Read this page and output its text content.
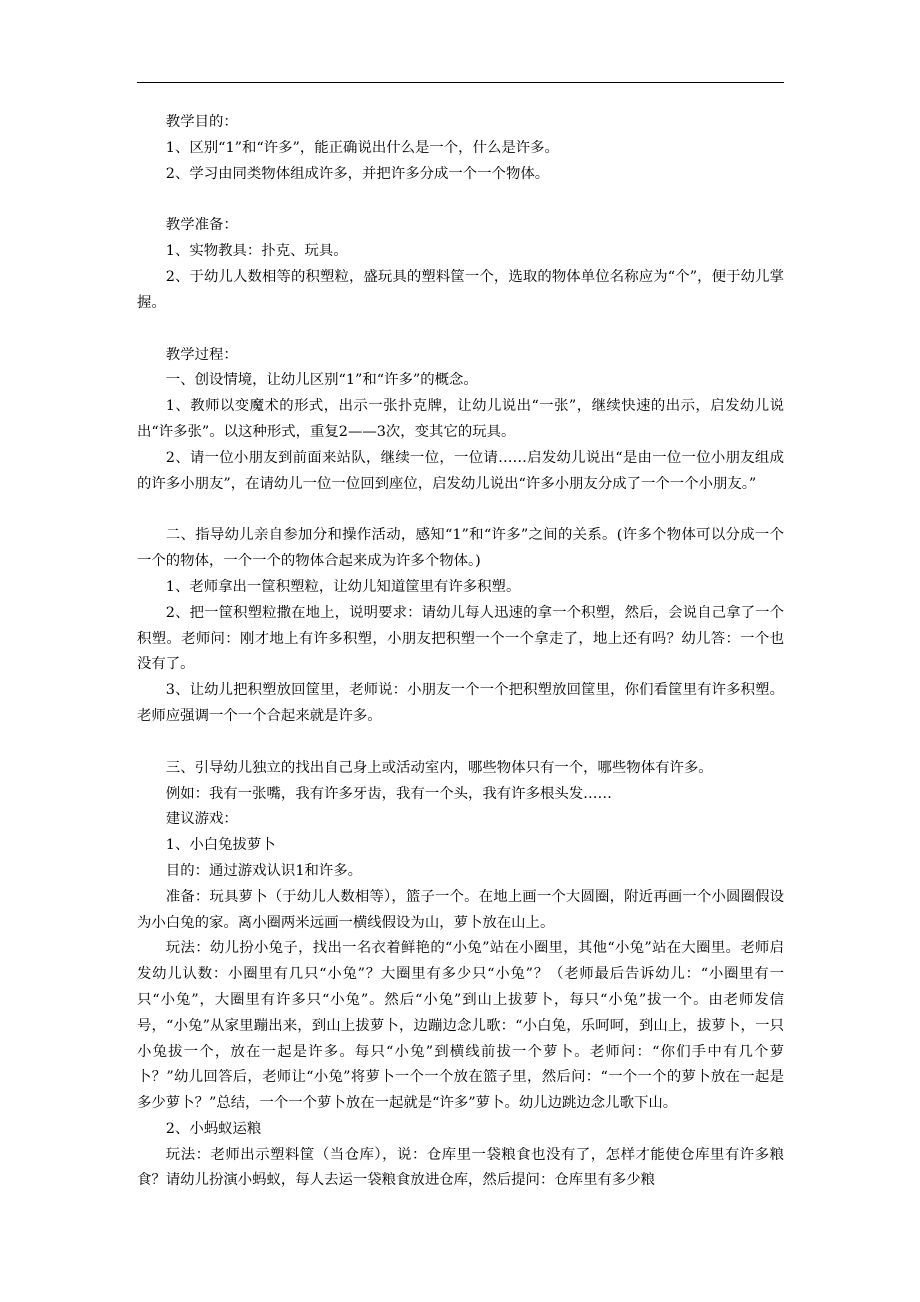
教学目的：

1、区别“1”和“许多”，能正确说出什么是一个，什么是许多。

2、学习由同类物体组成许多，并把许多分成一个一个物体。

教学准备：

1、实物教具：扑克、玩具。

2、于幼儿人数相等的积塑粒，盛玩具的塑料筐一个，选取的物体单位名称应为“个”，便于幼儿掌握。

教学过程：

一、创设情境，让幼儿区别“1”和“许多”的概念。

1、教师以变魔术的形式，出示一张扑克牌，让幼儿说出“一张”，继续快速的出示，启发幼儿说出“许多张”。以这种形式，重复2——3次，变其它的玩具。

2、请一位小朋友到前面来站队，继续一位，一位请……启发幼儿说出“是由一位一位小朋友组成的许多小朋友”，在请幼儿一位一位回到座位，启发幼儿说出“许多小朋友分成了一个一个小朋友。”

二、指导幼儿亲自参加分和操作活动，感知“1”和“许多”之间的关系。(许多个物体可以分成一个一个的物体，一个一个的物体合起来成为许多个物体。)

1、老师拿出一筐积塑粒，让幼儿知道筐里有许多积塑。

2、把一筐积塑粒撒在地上，说明要求：请幼儿每人迅速的拿一个积塑，然后，会说自己拿了一个积塑。老师问：刚才地上有许多积塑，小朋友把积塑一个一个拿走了，地上还有吗？幼儿答：一个也没有了。

3、让幼儿把积塑放回筐里，老师说：小朋友一个一个把积塑放回筐里，你们看筐里有许多积塑。老师应强调一个一个合起来就是许多。

三、引导幼儿独立的找出自己身上或活动室内，哪些物体只有一个，哪些物体有许多。

例如：我有一张嘴，我有许多牙齿，我有一个头，我有许多根头发……

建议游戏：

1、小白兔拔萝卜

目的：通过游戏认识1和许多。

准备：玩具萝卜（于幼儿人数相等），篮子一个。在地上画一个大圆圈，附近再画一个小圆圈假设为小白兔的家。离小圈两米远画一横线假设为山，萝卜放在山上。

玩法：幼儿扮小兔子，找出一名衣着鲜艳的“小兔”站在小圈里，其他“小兔”站在大圈里。老师启发幼儿认数：小圈里有几只“小兔”？大圈里有多少只“小兔”？（老师最后告诉幼儿：“小圈里有一只“小兔”，大圈里有许多只“小兔”。然后“小兔”到山上拔萝卜，每只“小兔”拔一个。由老师发信号，“小兔”从家里蹦出来，到山上拔萝卜，边蹦边念儿歌：“小白兔，乐呵呵，到山上，拔萝卜，一只小兔拔一个，放在一起是许多。每只“小兔”到横线前拔一个萝卜。老师问：“你们手中有几个萝卜？”幼儿回答后，老师让“小兔”将萝卜一个一个放在篮子里，然后问：“一个一个的萝卜放在一起是多少萝卜？”总结，一个一个萝卜放在一起就是“许多”萝卜。幼儿边跳边念儿歌下山。

2、小蚂蚁运粮

玩法：老师出示塑料筐（当仓库），说：仓库里一袋粮食也没有了，怎样才能使仓库里有许多粮食？请幼儿扮演小蚂蚁，每人去运一袋粮食放进仓库，然后提问：仓库里有多少粮
